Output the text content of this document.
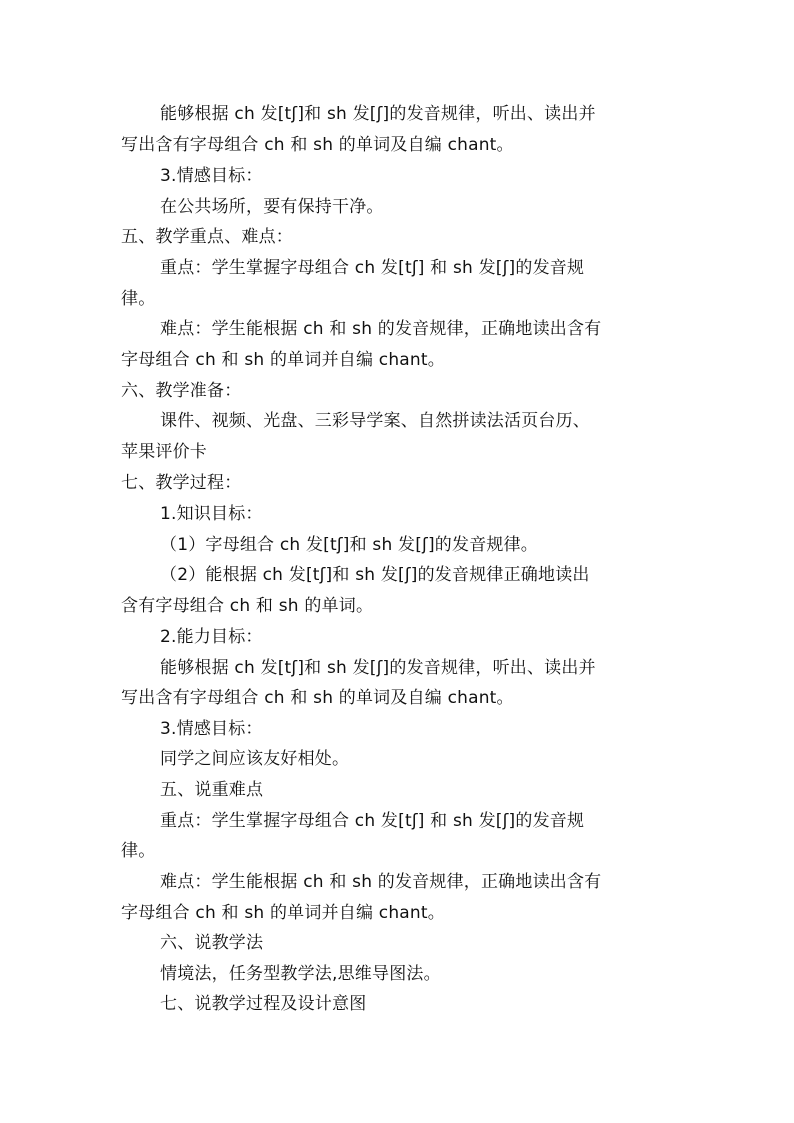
能够根据 ch 发[tʃ]和 sh 发[ʃ]的发音规律，听出、读出并
写出含有字母组合 ch 和 sh 的单词及自编 chant。
3.情感目标：
在公共场所，要有保持干净。
五、教学重点、难点：
重点：学生掌握字母组合 ch 发[tʃ] 和 sh 发[ʃ]的发音规
律。
难点：学生能根据 ch 和 sh 的发音规律，正确地读出含有
字母组合 ch 和 sh 的单词并自编 chant。
六、教学准备：
课件、视频、光盘、三彩导学案、自然拼读法活页台历、
苹果评价卡
七、教学过程：
1.知识目标：
（1）字母组合 ch 发[tʃ]和 sh 发[ʃ]的发音规律。
（2）能根据 ch 发[tʃ]和 sh 发[ʃ]的发音规律正确地读出
含有字母组合 ch 和 sh 的单词。
2.能力目标：
能够根据 ch 发[tʃ]和 sh 发[ʃ]的发音规律，听出、读出并
写出含有字母组合 ch 和 sh 的单词及自编 chant。
3.情感目标：
同学之间应该友好相处。
五、说重难点
重点：学生掌握字母组合 ch 发[tʃ] 和 sh 发[ʃ]的发音规
律。
难点：学生能根据 ch 和 sh 的发音规律，正确地读出含有
字母组合 ch 和 sh 的单词并自编 chant。
六、说教学法
情境法，任务型教学法,思维导图法。
七、说教学过程及设计意图
